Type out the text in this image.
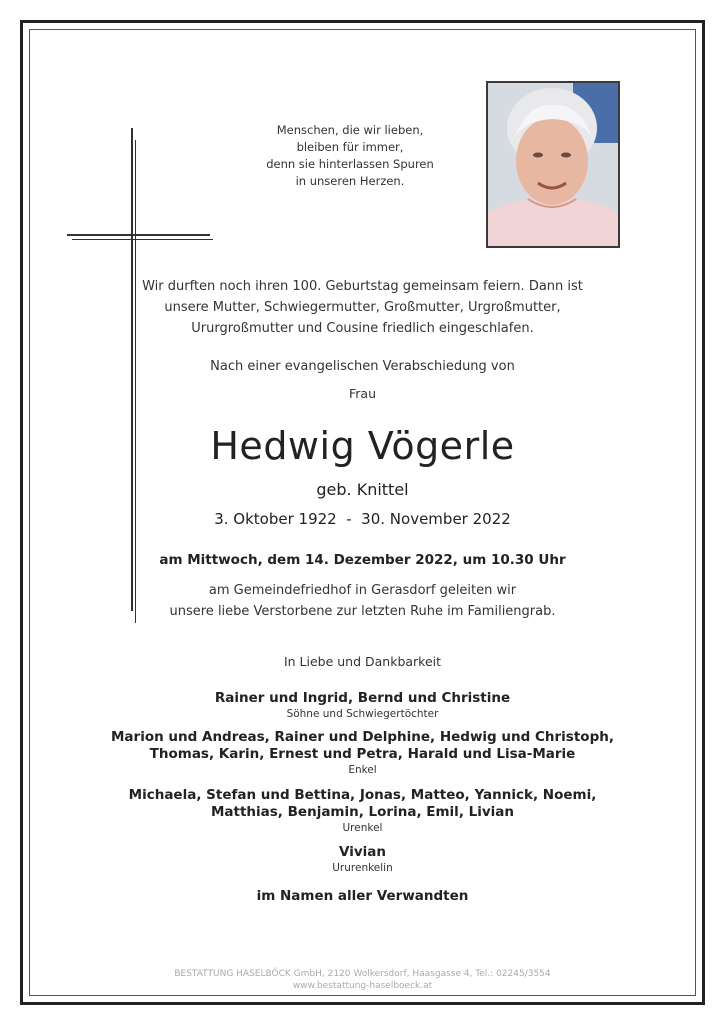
Menschen, die wir lieben,
bleiben für immer,
denn sie hinterlassen Spuren
in unseren Herzen.
Wir durften noch ihren 100. Geburtstag gemeinsam feiern. Dann ist
unsere Mutter, Schwiegermutter, Großmutter, Urgroßmutter,
Ururgroßmutter und Cousine friedlich eingeschlafen.
Nach einer evangelischen Verabschiedung von
Frau
Hedwig Vögerle
geb. Knittel
3. Oktober 1922  -  30. November 2022
am Mittwoch, dem 14. Dezember 2022, um 10.30 Uhr
am Gemeindefriedhof in Gerasdorf geleiten wir
unsere liebe Verstorbene zur letzten Ruhe im Familiengrab.
In Liebe und Dankbarkeit
Rainer und Ingrid, Bernd und Christine
Söhne und Schwiegertöchter
Marion und Andreas, Rainer und Delphine, Hedwig und Christoph,
Thomas, Karin, Ernest und Petra, Harald und Lisa-Marie
Enkel
Michaela, Stefan und Bettina, Jonas, Matteo, Yannick, Noemi,
Matthias, Benjamin, Lorina, Emil, Livian
Urenkel
Vivian
Ururenkelin
im Namen aller Verwandten
BESTATTUNG HASELBÖCK GmbH, 2120 Wolkersdorf, Haasgasse 4, Tel.: 02245/3554
www.bestattung-haselboeck.at
